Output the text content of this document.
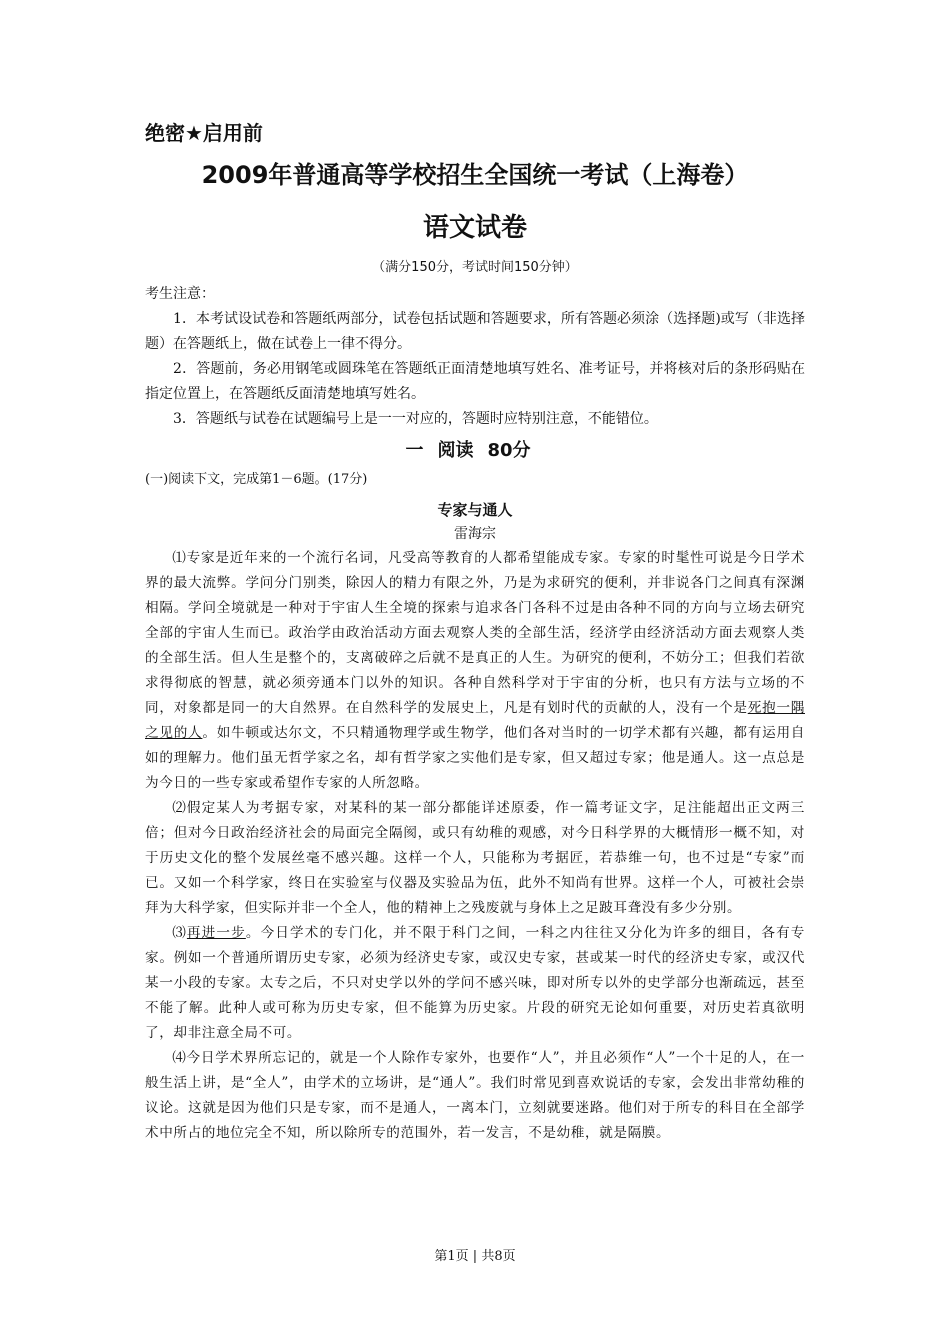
绝密★启用前

2009年普通高等学校招生全国统一考试（上海卷）

语文试卷

（满分150分，考试时间150分钟）

考生注意：

1．本考试设试卷和答题纸两部分，试卷包括试题和答题要求，所有答题必须涂（选择题)或写（非选择题）在答题纸上，做在试卷上一律不得分。

2．答题前，务必用钢笔或圆珠笔在答题纸正面清楚地填写姓名、准考证号，并将核对后的条形码贴在指定位置上，在答题纸反面清楚地填写姓名。

3．答题纸与试卷在试题编号上是一一对应的，答题时应特别注意，不能错位。

一 阅读 80分

(一)阅读下文，完成第1－6题。(17分)

专家与通人

雷海宗

⑴专家是近年来的一个流行名词，凡受高等教育的人都希望能成专家。专家的时髦性可说是今日学术界的最大流弊。学问分门别类，除因人的精力有限之外，乃是为求研究的便利，并非说各门之间真有深渊相隔。学问全境就是一种对于宇宙人生全境的探索与追求各门各科不过是由各种不同的方向与立场去研究全部的宇宙人生而已。政治学由政治活动方面去观察人类的全部生活，经济学由经济活动方面去观察人类的全部生活。但人生是整个的，支离破碎之后就不是真正的人生。为研究的便利，不妨分工；但我们若欲求得彻底的智慧，就必须旁通本门以外的知识。各种自然科学对于宇宙的分析，也只有方法与立场的不同，对象都是同一的大自然界。在自然科学的发展史上，凡是有划时代的贡献的人，没有一个是死抱一隅之见的人。如牛顿或达尔文，不只精通物理学或生物学，他们各对当时的一切学术都有兴趣，都有运用自如的理解力。他们虽无哲学家之名，却有哲学家之实他们是专家，但又超过专家；他是通人。这一点总是为今日的一些专家或希望作专家的人所忽略。

⑵假定某人为考据专家，对某科的某一部分都能详述原委，作一篇考证文字，足注能超出正文两三倍；但对今日政治经济社会的局面完全隔阂，或只有幼稚的观感，对今日科学界的大概情形一概不知，对于历史文化的整个发展丝毫不感兴趣。这样一个人，只能称为考据匠，若恭维一句，也不过是“专家”而已。又如一个科学家，终日在实验室与仪器及实验品为伍，此外不知尚有世界。这样一个人，可被社会崇拜为大科学家，但实际并非一个全人，他的精神上之残废就与身体上之足跛耳聋没有多少分别。

⑶再进一步。今日学术的专门化，并不限于科门之间，一科之内往往又分化为许多的细目，各有专家。例如一个普通所谓历史专家，必须为经济史专家，或汉史专家，甚或某一时代的经济史专家，或汉代某一小段的专家。太专之后，不只对史学以外的学问不感兴味，即对所专以外的史学部分也渐疏远，甚至不能了解。此种人或可称为历史专家，但不能算为历史家。片段的研究无论如何重要，对历史若真欲明了，却非注意全局不可。

⑷今日学术界所忘记的，就是一个人除作专家外，也要作“人”，并且必须作“人”一个十足的人，在一般生活上讲，是“全人”，由学术的立场讲，是“通人”。我们时常见到喜欢说话的专家，会发出非常幼稚的议论。这就是因为他们只是专家，而不是通人，一离本门，立刻就要迷路。他们对于所专的科目在全部学术中所占的地位完全不知，所以除所专的范围外，若一发言，不是幼稚，就是隔膜。

第1页 | 共8页
